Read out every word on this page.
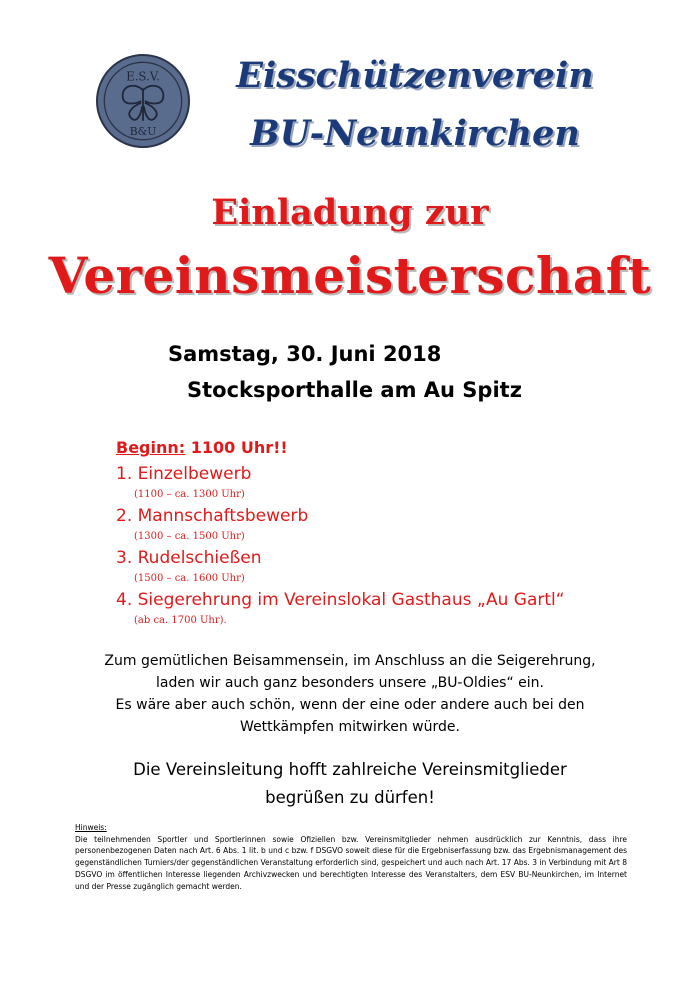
E.S.V.
B&U
Eisschützenverein
BU-Neunkirchen
Einladung zur
Vereinsmeisterschaft
Samstag, 30. Juni 2018
Stocksporthalle am Au Spitz
Beginn: 1100 Uhr!!
1. Einzelbewerb
(1100 – ca. 1300 Uhr)
2. Mannschaftsbewerb
(1300 – ca. 1500 Uhr)
3. Rudelschießen
(1500 – ca. 1600 Uhr)
4. Siegerehrung im Vereinslokal Gasthaus „Au Gartl“
(ab ca. 1700 Uhr).
Zum gemütlichen Beisammensein, im Anschluss an die Seigerehrung,
laden wir auch ganz besonders unsere „BU-Oldies“ ein.
Es wäre aber auch schön, wenn der eine oder andere auch bei den
Wettkämpfen mitwirken würde.
Die Vereinsleitung hofft zahlreiche Vereinsmitglieder
begrüßen zu dürfen!
Hinweis:
Die teilnehmenden Sportler und Sportlerinnen sowie Ofiziellen bzw. Vereinsmitglieder nehmen ausdrücklich zur Kenntnis, dass ihre personenbezogenen Daten nach Art. 6 Abs. 1 lit. b und c bzw. f DSGVO soweit diese für die Ergebniserfassung bzw. das Ergebnismanagement des gegenständlichen Turniers/der gegenständlichen Veranstaltung erforderlich sind, gespeichert und auch nach Art. 17 Abs. 3 in Verbindung mit Art 8 DSGVO im öffentlichen Interesse liegenden Archivzwecken und berechtigten Interesse des Veranstalters, dem ESV BU-Neunkirchen, im Internet und der Presse zugänglich gemacht werden.
